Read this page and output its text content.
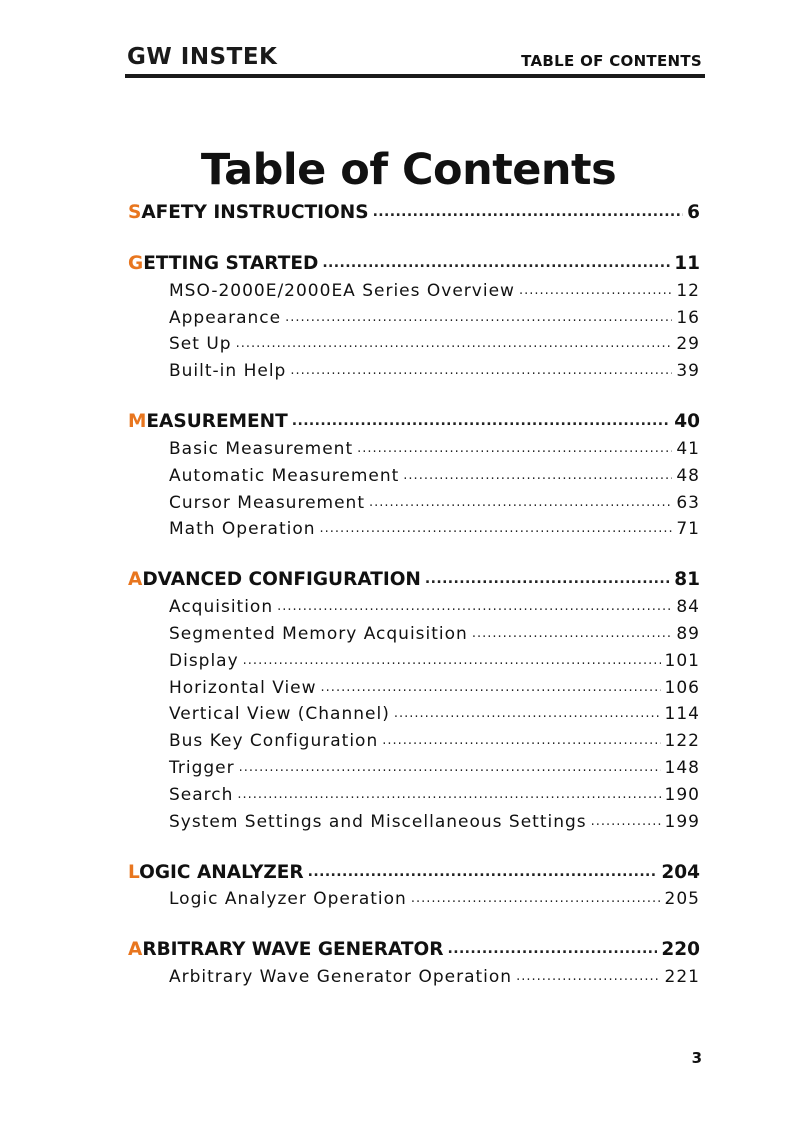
GW INSTEK	TABLE OF CONTENTS
Table of Contents
SAFETY INSTRUCTIONS .....	6
GETTING STARTED .....	11
MSO-2000E/2000EA Series Overview .....	12
Appearance .....	16
Set Up .....	29
Built-in Help .....	39
MEASUREMENT .....	40
Basic Measurement .....	41
Automatic Measurement .....	48
Cursor Measurement .....	63
Math Operation .....	71
ADVANCED CONFIGURATION .....	81
Acquisition .....	84
Segmented Memory Acquisition .....	89
Display .....	101
Horizontal View .....	106
Vertical View (Channel) .....	114
Bus Key Configuration .....	122
Trigger .....	148
Search .....	190
System Settings and Miscellaneous Settings .....	199
LOGIC ANALYZER .....	204
Logic Analyzer Operation .....	205
ARBITRARY WAVE GENERATOR .....	220
Arbitrary Wave Generator Operation .....	221
3
